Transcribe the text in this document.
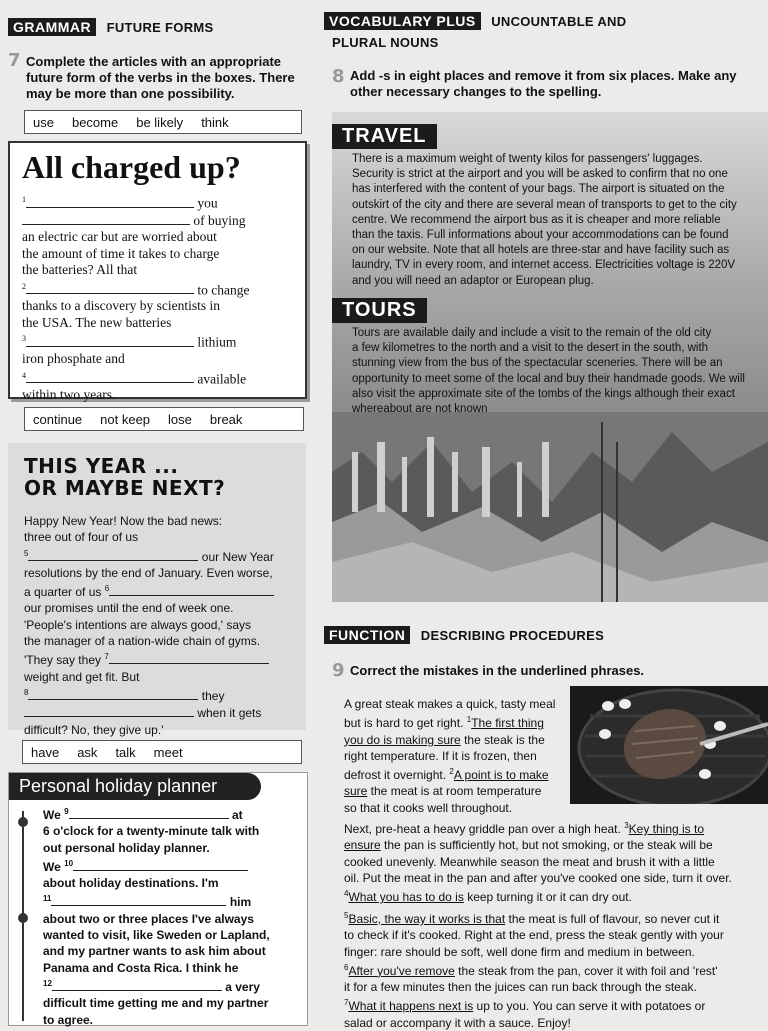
GRAMMAR FUTURE FORMS
7 Complete the articles with an appropriate
future form of the verbs in the boxes. There
may be more than one possibility.
use become be likely think
All charged up?
$^1$	you
of buying
an electric car but are worried about
the amount of time it takes to charge
the batteries? All that
$^2$	to change
thanks to a discovery by scientists in
the USA. The new batteries
$^3$	lithium
iron phosphate and
$^4$	available
within two years.
continue not keep lose break
THIS YEAR ...
OR MAYBE NEXT?
Happy New Year! Now the bad news:
three out of four of us
$^5$	our New Year
resolutions by the end of January. Even worse,
a quarter of us $^6$
our promises until the end of week one.
'People's intentions are always good,' says
the manager of a nation-wide chain of gyms.
'They say they $^7$
weight and get fit. But
$^8$	they
when it gets
difficult? No, they give up.'
have ask talk meet
Personal holiday planner
We $^9$	at
6 o'clock for a twenty-minute talk with
out personal holiday planner.
We $^{10}$
about holiday destinations. I'm
$^{11}$	him
about two or three places I've always
wanted to visit, like Sweden or Lapland,
and my partner wants to ask him about
Panama and Costa Rica. I think he
$^{12}$	a very
difficult time getting me and my partner
to agree.
VOCABULARY PLUS UNCOUNTABLE AND
PLURAL NOUNS
8 Add -s in eight places and remove it from six places. Make any
other necessary changes to the spelling.
TRAVEL
There is a maximum weight of twenty kilos for passengers' luggages.
Security is strict at the airport and you will be asked to confirm that no one
has interfered with the content of your bags. The airport is situated on the
outskirt of the city and there are several mean of transports to get to the city
centre. We recommend the airport bus as it is cheaper and more reliable
than the taxis. Full informations about your accommodations can be found
on our website. Note that all hotels are three-star and have facility such as
laundry, TV in every room, and internet access. Electricities voltage is 220V
and you will need an adaptor or European plug.
TOURS
Tours are available daily and include a visit to the remain of the old city
a few kilometres to the north and a visit to the desert in the south, with
stunning view from the bus of the spectacular sceneries. There will be an
opportunity to meet some of the local and buy their handmade goods. We will
also visit the approximate site of the tombs of the kings although their exact
whereabout are not known
FUNCTION DESCRIBING PROCEDURES
9 Correct the mistakes in the underlined phrases.
A great steak makes a quick, tasty meal
but is hard to get right. $^1$The first thing
you do is making sure the steak is the
right temperature. If it is frozen, then
defrost it overnight. $^2$A point is to make
sure the meat is at room temperature
so that it cooks well throughout.
Next, pre-heat a heavy griddle pan over a high heat. $^3$Key thing is to
ensure the pan is sufficiently hot, but not smoking, or the steak will be
cooked unevenly. Meanwhile season the meat and brush it with a little
oil. Put the meat in the pan and after you've cooked one side, turn it over.
$^4$What you has to do is keep turning it or it can dry out.
$^5$Basic, the way it works is that the meat is full of flavour, so never cut it
to check if it's cooked. Right at the end, press the steak gently with your
finger: rare should be soft, well done firm and medium in between.
$^6$After you've remove the steak from the pan, cover it with foil and 'rest'
it for a few minutes then the juices can run back through the steak.
$^7$What it happens next is up to you. You can serve it with potatoes or
salad or accompany it with a sauce. Enjoy!
